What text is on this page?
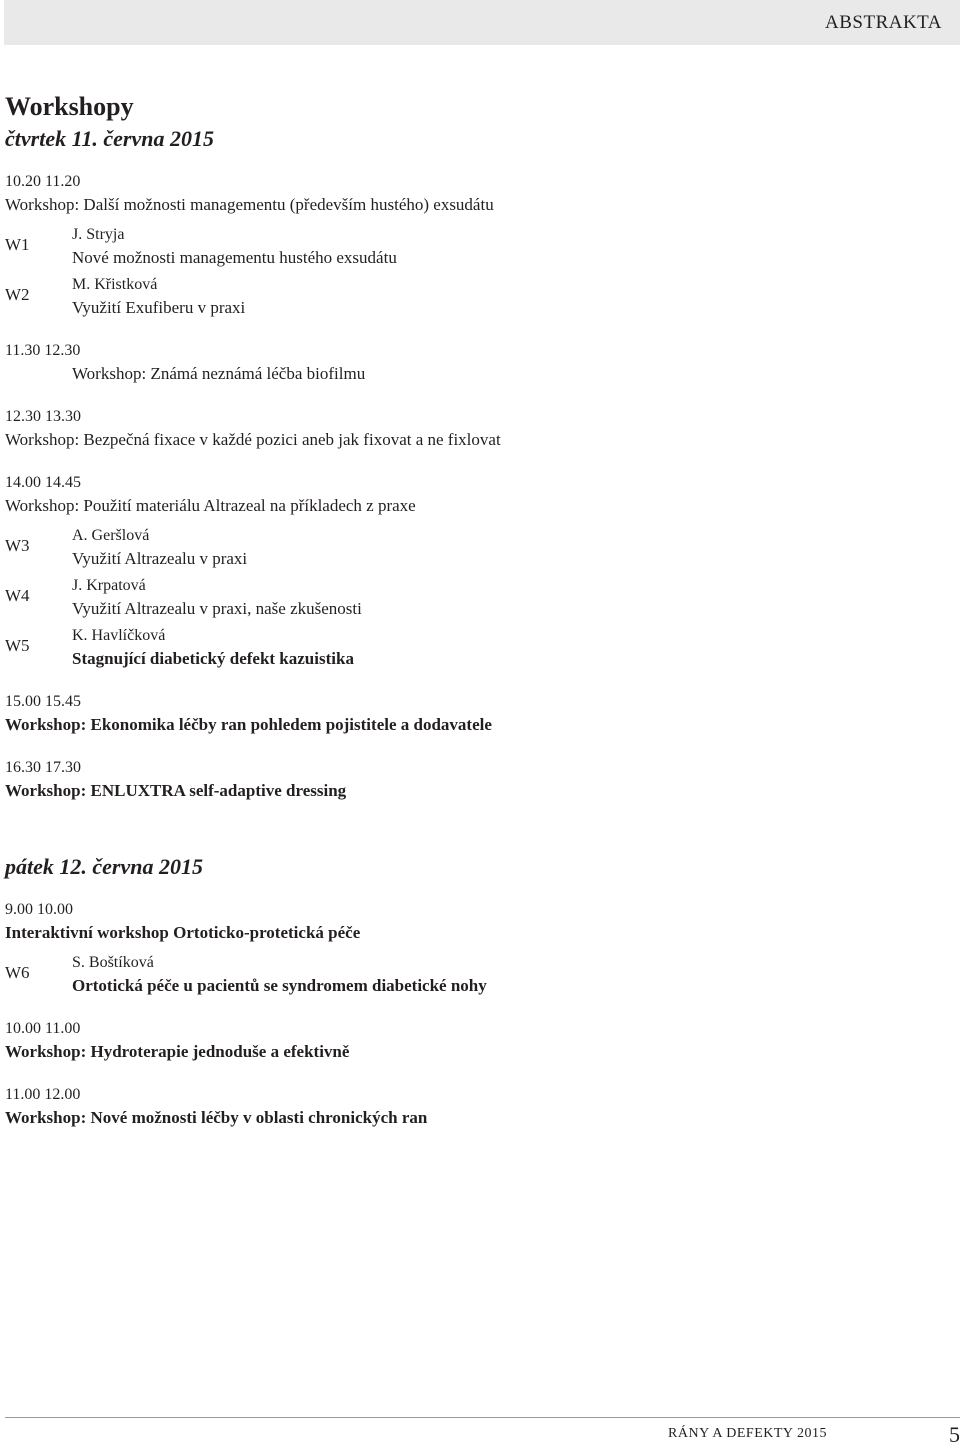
ABSTRAKTA
Workshopy
čtvrtek 11. června 2015
10.20 11.20
Workshop: Další možnosti managementu (především hustého) exsudátu
W1
J. Stryja
Nové možnosti managementu hustého exsudátu
W2
M. Křistková
Využití Exufiberu v praxi
11.30 12.30
Workshop: Známá neznámá léčba biofilmu
12.30 13.30
Workshop: Bezpečná fixace v každé pozici aneb jak fixovat a ne fixlovat
14.00 14.45
Workshop: Použití materiálu Altrazeal na příkladech z praxe
W3
A. Geršlová
Využití Altrazealu v praxi
W4
J. Krpatová
Využití Altrazealu v praxi, naše zkušenosti
W5
K. Havlíčková
Stagnující diabetický defekt kazuistika
15.00 15.45
Workshop: Ekonomika léčby ran pohledem pojistitele a dodavatele
16.30 17.30
Workshop: ENLUXTRA self-adaptive dressing
pátek 12. června 2015
9.00 10.00
Interaktivní workshop Ortoticko-protetická péče
W6
S. Boštíková
Ortotická péče u pacientů se syndromem diabetické nohy
10.00 11.00
Workshop: Hydroterapie jednoduše a efektivně
11.00 12.00
Workshop: Nové možnosti léčby v oblasti chronických ran
RÁNY A DEFEKTY 2015	5
